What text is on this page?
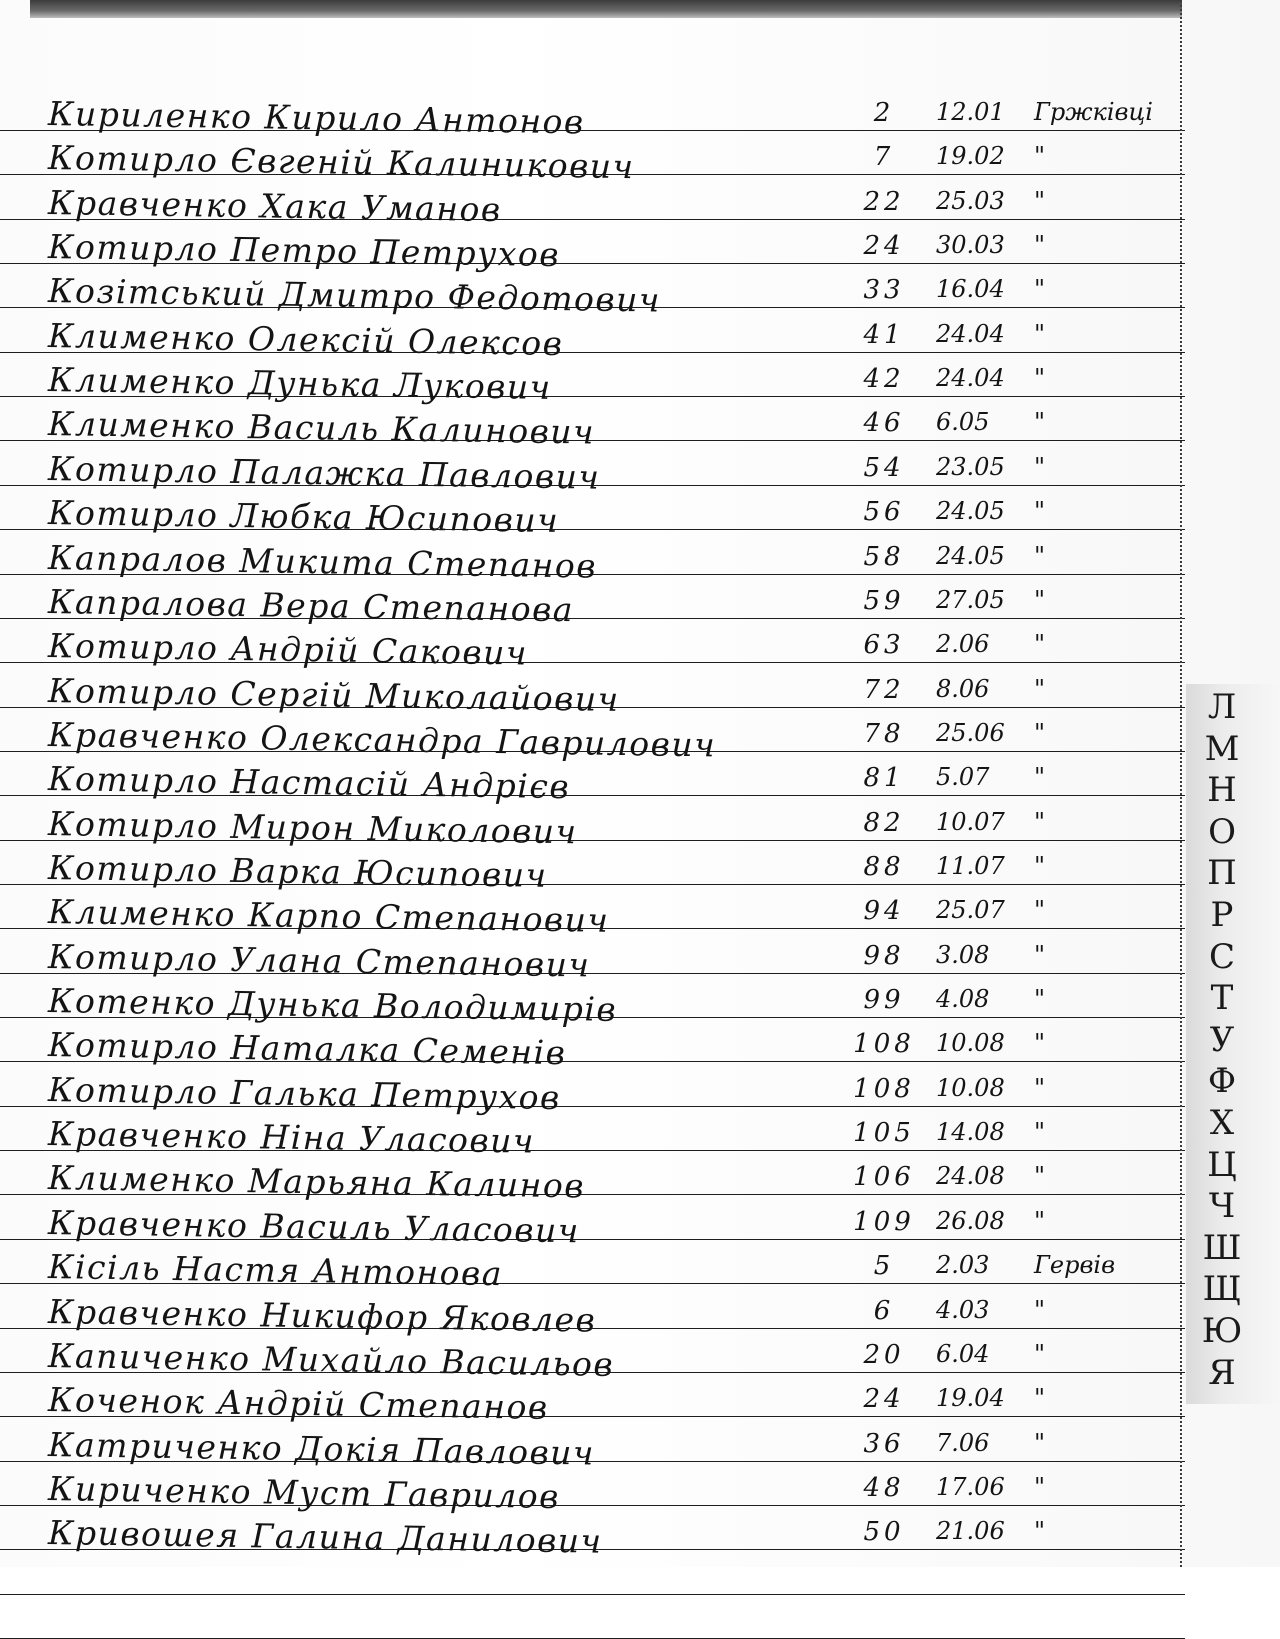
Кириленко Кирило Антонов	2	12.01 Гржківці
Котирло Євгеній Калиникович	7	19.02 "
Кравченко Хака Уманов	22	25.03 "
Котирло Петро Петрухов	24	30.03 "
Козітський Дмитро Федотович	33	16.04 "
Клименко Олексій Олексов	41	24.04 "
Клименко Дунька Лукович	42	24.04 "
Клименко Василь Калинович	46	6.05 "
Котирло Палажка Павлович	54	23.05 "
Котирло Любка Юсипович	56	24.05 "
Капралов Микита Степанов	58	24.05 "
Капралова Вера Степанова	59	27.05 "
Котирло Андрій Сакович	63	2.06 "
Котирло Сергій Миколайович	72	8.06 "
Кравченко Олександра Гаврилович	78	25.06 "
Котирло Настасій Андрієв	81	5.07 "
Котирло Мирон Миколович	82	10.07 "
Котирло Варка Юсипович	88	11.07 "
Клименко Карпо Степанович	94	25.07 "
Котирло Улана Степанович	98	3.08 "
Котенко Дунька Володимирів	99	4.08 "
Котирло Наталка Семенів	108 10.08 "
Котирло Галька Петрухов	108 10.08 "
Кравченко Ніна Уласович	105 14.08 "
Клименко Марьяна Калинов	106 24.08 "
Кравченко Василь Уласович	109 26.08 "
Кісіль Настя Антонова	5	2.03 Гервів
Кравченко Никифор Яковлев	6	4.03 "
Капиченко Михайло Васильов	20	6.04 "
Коченок Андрій Степанов	24	19.04 "
Катриченко Докія Павлович	36	7.06 "
Кириченко Муст Гаврилов	48	17.06 "
Кривошея Галина Данилович	50	21.06 "
Л
М
Н
О
П
Р
С
Т
У
Ф
Х
Ц
Ч
Ш
Щ
Ю
Я
